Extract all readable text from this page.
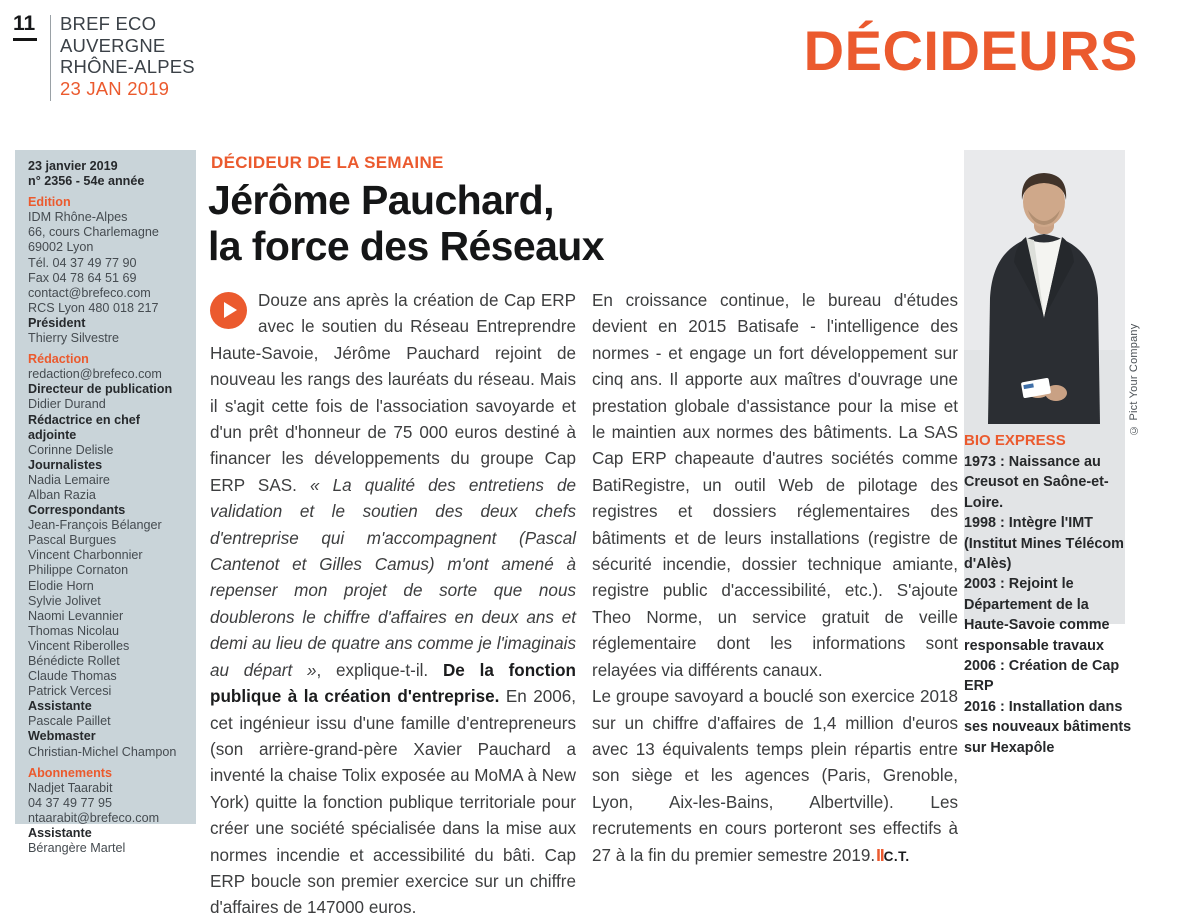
11 BREF ECO
AUVERGNE
RHÔNE-ALPES
23 JAN 2019
DÉCIDEURS
23 janvier 2019
n° 2356 - 54e année
Edition
IDM Rhône-Alpes
66, cours Charlemagne
69002 Lyon
Tél. 04 37 49 77 90
Fax 04 78 64 51 69
contact@brefeco.com
RCS Lyon 480 018 217
Président
Thierry Silvestre
Rédaction
redaction@brefeco.com
Directeur de publication
Didier Durand
Rédactrice en chef adjointe
Corinne Delisle
Journalistes
Nadia Lemaire
Alban Razia
Correspondants
Jean-François Bélanger
Pascal Burgues
Vincent Charbonnier
Philippe Cornaton
Elodie Horn
Sylvie Jolivet
Naomi Levannier
Thomas Nicolau
Vincent Riberolles
Bénédicte Rollet
Claude Thomas
Patrick Vercesi
Assistante
Pascale Paillet
Webmaster
Christian-Michel Champon
Abonnements
Nadjet Taarabit
04 37 49 77 95
ntaarabit@brefeco.com
Assistante
Bérangère Martel
DÉCIDEUR DE LA SEMAINE
Jérôme Pauchard,
la force des Réseaux

Douze ans après la création de Cap ERP avec le soutien du Réseau Entreprendre Haute-Savoie, Jérôme Pauchard rejoint de nouveau les rangs des lauréats du réseau. Mais il s'agit cette fois de l'association savoyarde et d'un prêt d'honneur de 75 000 euros destiné à financer les développements du groupe Cap ERP SAS. « La qualité des entretiens de validation et le soutien des deux chefs d'entreprise qui m'accompagnent (Pascal Cantenot et Gilles Camus) m'ont amené à repenser mon projet de sorte que nous doublerons le chiffre d'affaires en deux ans et demi au lieu de quatre ans comme je l'imaginais au départ », explique-t-il. De la fonction publique à la création d'entreprise. En 2006, cet ingénieur issu d'une famille d'entrepreneurs (son arrière-grand-père Xavier Pauchard a inventé la chaise Tolix exposée au MoMA à New York) quitte la fonction publique territoriale pour créer une société spécialisée dans la mise aux normes incendie et accessibilité du bâti. Cap ERP boucle son premier exercice sur un chiffre d'affaires de 147000 euros.

En croissance continue, le bureau d'études devient en 2015 Batisafe - l'intelligence des normes - et engage un fort développement sur cinq ans. Il apporte aux maîtres d'ouvrage une prestation globale d'assistance pour la mise et le maintien aux normes des bâtiments. La SAS Cap ERP chapeaute d'autres sociétés comme BatiRegistre, un outil Web de pilotage des registres et dossiers réglementaires des bâtiments et de leurs installations (registre de sécurité incendie, dossier technique amiante, registre public d'accessibilité, etc.). S'ajoute Theo Norme, un service gratuit de veille réglementaire dont les informations sont relayées via différents canaux.

Le groupe savoyard a bouclé son exercice 2018 sur un chiffre d'affaires de 1,4 million d'euros avec 13 équivalents temps plein répartis entre son siège et les agences (Paris, Grenoble, Lyon, Aix-les-Bains, Albertville). Les recrutements en cours porteront ses effectifs à 27 à la fin du premier semestre 2019.IIC.T.

© Pict Your Company
BIO EXPRESS
1973 : Naissance au Creusot en Saône-et-Loire.
1998 : Intègre l'IMT (Institut Mines Télécom d'Alès)
2003 : Rejoint le Département de la Haute-Savoie comme responsable travaux
2006 : Création de Cap ERP
2016 : Installation dans ses nouveaux bâtiments sur Hexapôle
